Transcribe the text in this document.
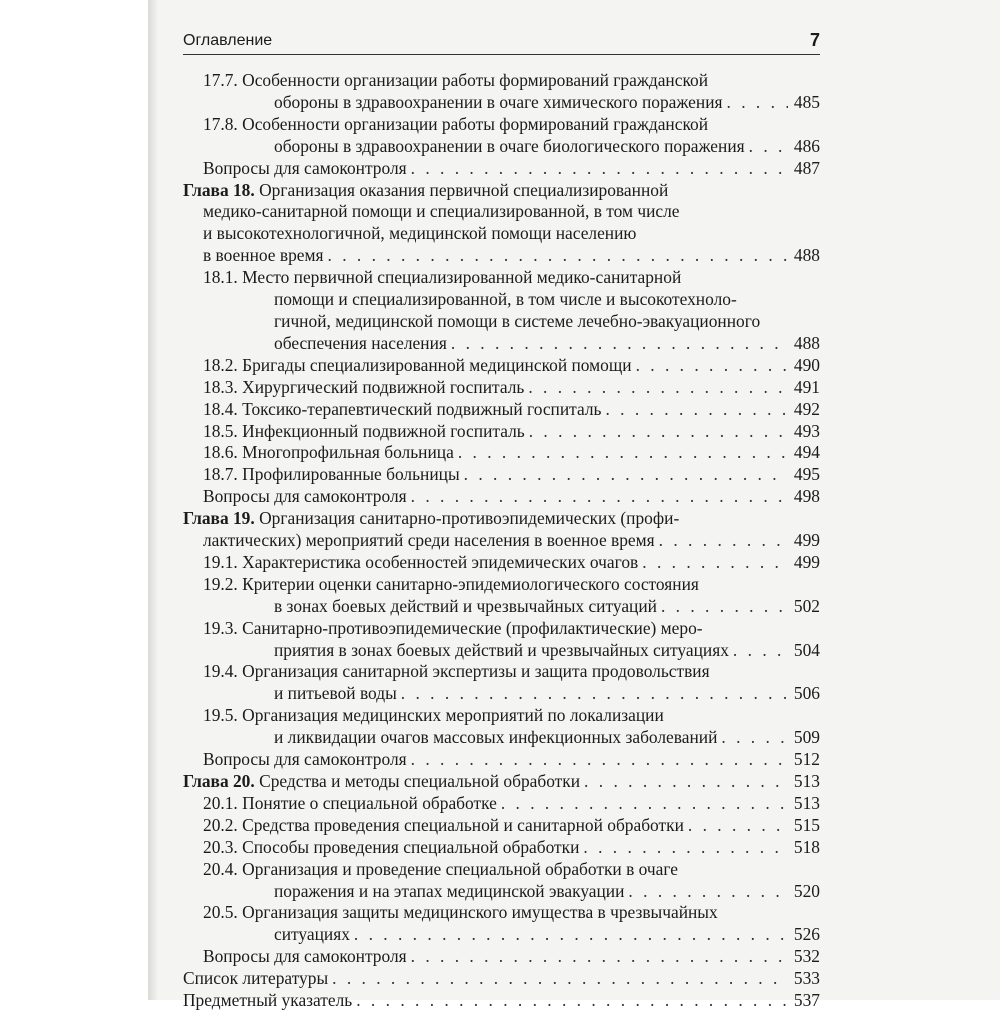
Оглавление	7
17.7. Особенности организации работы формирований гражданской
обороны в здравоохранении в очаге химического поражения . . .	485
17.8. Особенности организации работы формирований гражданской
обороны в здравоохранении в очаге биологического поражения . . .	486
Вопросы для самоконтроля . . .	487
Глава 18. Организация оказания первичной специализированной
медико-санитарной помощи и специализированной, в том числе
и высокотехнологичной, медицинской помощи населению
в военное время . . .	488
18.1. Место первичной специализированной медико-санитарной
помощи и специализированной, в том числе и высокотехноло-
гичной, медицинской помощи в системе лечебно-эвакуационного
обеспечения населения . . .	488
18.2. Бригады специализированной медицинской помощи . . .	490
18.3. Хирургический подвижной госпиталь . . .	491
18.4. Токсико-терапевтический подвижный госпиталь . . .	492
18.5. Инфекционный подвижной госпиталь . . .	493
18.6. Многопрофильная больница . . .	494
18.7. Профилированные больницы . . .	495
Вопросы для самоконтроля . . .	498
Глава 19. Организация санитарно-противоэпидемических (профи-
лактических) мероприятий среди населения в военное время . . .	499
19.1. Характеристика особенностей эпидемических очагов . . .	499
19.2. Критерии оценки санитарно-эпидемиологического состояния
в зонах боевых действий и чрезвычайных ситуаций . . .	502
19.3. Санитарно-противоэпидемические (профилактические) меро-
приятия в зонах боевых действий и чрезвычайных ситуациях . . .	504
19.4. Организация санитарной экспертизы и защита продовольствия
и питьевой воды . . .	506
19.5. Организация медицинских мероприятий по локализации
и ликвидации очагов массовых инфекционных заболеваний . . .	509
Вопросы для самоконтроля . . .	512
Глава 20. Средства и методы специальной обработки . . .	513
20.1. Понятие о специальной обработке . . .	513
20.2. Средства проведения специальной и санитарной обработки . . .	515
20.3. Способы проведения специальной обработки . . .	518
20.4. Организация и проведение специальной обработки в очаге
поражения и на этапах медицинской эвакуации . . .	520
20.5. Организация защиты медицинского имущества в чрезвычайных
ситуациях . . .	526
Вопросы для самоконтроля . . .	532
Список литературы . . .	533
Предметный указатель . . .	537
